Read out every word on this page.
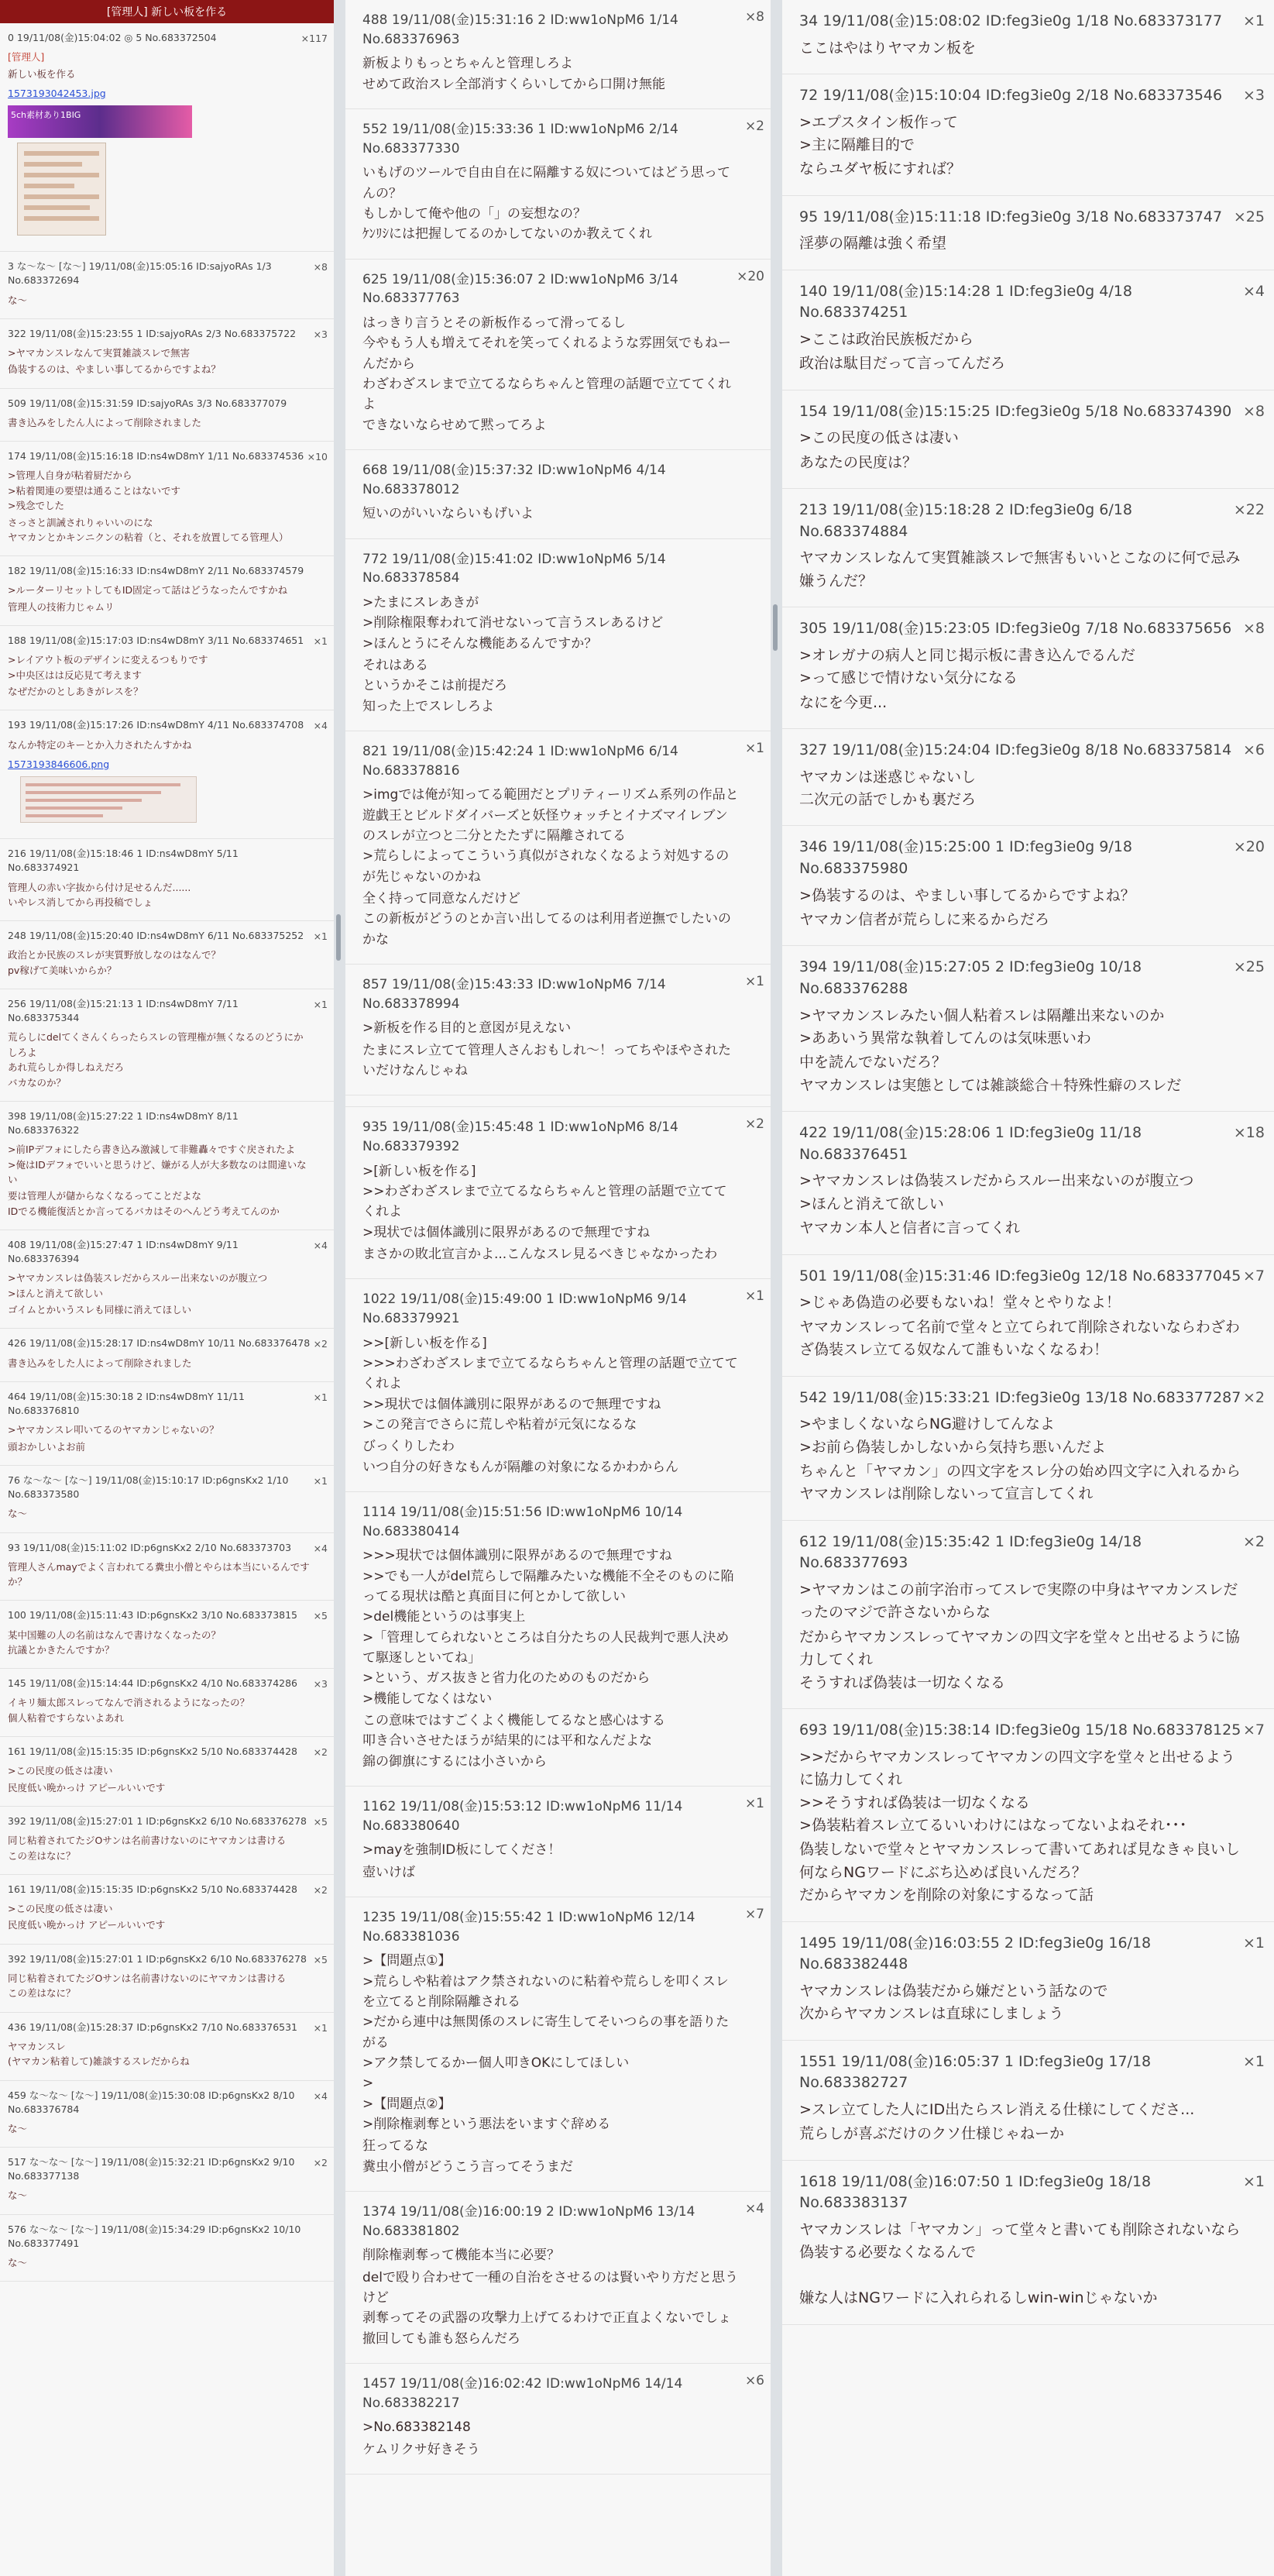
[管理人] 新しい板を作る
0 19/11/08(金)15:04:02 ◎ 5 No.683372504	×117
[管理人]
新しい板を作る
1573193042453.jpg
5ch素材あり1BIG
3 な〜な〜 [な〜] 19/11/08(金)15:05:16 ID:sajyoRAs 1/3 No.683372694
×8
な〜
322 19/11/08(金)15:23:55 1 ID:sajyoRAs 2/3 No.683375722	×3
>ヤマカンスレなんて実質雑談スレで無害
偽装するのは、やましい事してるからですよね？
509 19/11/08(金)15:31:59 ID:sajyoRAs 3/3 No.683377079
書き込みをしたん人によって削除されました
174 19/11/08(金)15:16:18 ID:ns4wD8mY 1/11 No.683374536 ×10
>管理人自身が粘着厨だから
>粘着関連の要望は通ることはないです
>残念でした
さっさと訓誡されりゃいいのにな
ヤマカンとかキンニクンの粘着（と、それを放置してる管理人）
182 19/11/08(金)15:16:33 ID:ns4wD8mY 2/11 No.683374579
>ルーターリセットしてもID固定って話はどうなったんですかね
管理人の技術力じゃムリ
188 19/11/08(金)15:17:03 ID:ns4wD8mY 3/11 No.683374651 ×1
>レイアウト板のデザインに変えるつもりです
>中央区はは反応見て考えます
なぜだかのとしあきがレスを？
193 19/11/08(金)15:17:26 ID:ns4wD8mY 4/11 No.683374708 ×4
なんか特定のキーとか入力されたんすかね
1573193846606.png
216 19/11/08(金)15:18:46 1 ID:ns4wD8mY 5/11 No.683374921
管理人の赤い字抜から付け足せるんだ......
いやレス消してから再投稿でしょ
248 19/11/08(金)15:20:40 ID:ns4wD8mY 6/11 No.683375252 ×1
政治とか民族のスレが実質野放しなのはなんで？
pv稼げて美味いからか？
256 19/11/08(金)15:21:13 1 ID:ns4wD8mY 7/11 No.683375344
×1
荒らしにdelてくさんくらったらスレの管理権が無くなるのどうにかしろよ
あれ荒らしか得しねえだろ
バカなのか？
398 19/11/08(金)15:27:22 1 ID:ns4wD8mY 8/11 No.683376322
>前IPデフォにしたら書き込み激減して非難轟々ですぐ戻されたよ
>俺はIDデフォでいいと思うけど、嫌がる人が大多数なのは間違いない
要は管理人が儲からなくなるってことだよな
IDでる機能復活とか言ってるバカはそのへんどう考えてんのか
408 19/11/08(金)15:27:47 1 ID:ns4wD8mY 9/11 No.683376394
×4
>ヤマカンスレは偽装スレだからスルー出来ないのが腹立つ
>ほんと消えて欲しい
ゴイムとかいうスレも同様に消えてほしい
426 19/11/08(金)15:28:17 ID:ns4wD8mY 10/11 No.683376478 ×2
書き込みをした人によって削除されました
464 19/11/08(金)15:30:18 2 ID:ns4wD8mY 11/11 No.683376810
×1
>ヤマカンスレ叩いてるのヤマカンじゃないの？
頭おかしいよお前
76 な〜な〜 [な〜] 19/11/08(金)15:10:17 ID:p6gnsKx2 1/10 No.683373580
×1
な〜
93 19/11/08(金)15:11:02 ID:p6gnsKx2 2/10 No.683373703	×4
管理人さんmayでよく言われてる糞虫小僧とやらは本当にいるんですか？
100 19/11/08(金)15:11:43 ID:p6gnsKx2 3/10 No.683373815	×5
某中国難の人の名前はなんで書けなくなったの？
抗議とかきたんですか？
145 19/11/08(金)15:14:44 ID:p6gnsKx2 4/10 No.683374286	×3
イキリ麺太郎スレってなんで消されるようになったの？
個人粘着ですらないよあれ
161 19/11/08(金)15:15:35 ID:p6gnsKx2 5/10 No.683374428	×2
>この民度の低さは凄い
民度低い晩かっけ アピールいいです
392 19/11/08(金)15:27:01 1 ID:p6gnsKx2 6/10 No.683376278 ×5
同じ粘着されてたジOサンは名前書けないのにヤマカンは書ける
この差はなに？
161 19/11/08(金)15:15:35 ID:p6gnsKx2 5/10 No.683374428	×2
>この民度の低さは凄い
民度低い晩かっけ アピールいいです
392 19/11/08(金)15:27:01 1 ID:p6gnsKx2 6/10 No.683376278 ×5
同じ粘着されてたジOサンは名前書けないのにヤマカンは書ける
この差はなに？
436 19/11/08(金)15:28:37 ID:p6gnsKx2 7/10 No.683376531	×1
ヤマカンスレ
(ヤマカン粘着して)雑談するスレだからね
459 な〜な〜 [な〜] 19/11/08(金)15:30:08 ID:p6gnsKx2 8/10 No.683376784
×4
な〜
517 な〜な〜 [な〜] 19/11/08(金)15:32:21 ID:p6gnsKx2 9/10 No.683377138
×2
な〜
576 な〜な〜 [な〜] 19/11/08(金)15:34:29 ID:p6gnsKx2 10/10 No.683377491
な〜
488 19/11/08(金)15:31:16 2 ID:ww1oNpM6 1/14 No.683376963
×8
新板よりもっとちゃんと管理しろよ
せめて政治スレ全部消すくらいしてから口開け無能
552 19/11/08(金)15:33:36 1 ID:ww1oNpM6 2/14 No.683377330
×2
いもげのツールで自由自在に隔離する奴についてはどう思ってんの？
もしかして俺や他の「」の妄想なの？
ｹﾝﾘｼには把握してるのかしてないのか教えてくれ
625 19/11/08(金)15:36:07 2 ID:ww1oNpM6 3/14 No.683377763
×20
はっきり言うとその新板作るって滑ってるし
今やもう人も増えてそれを笑ってくれるような雰囲気でもねーんだから
わざわざスレまで立てるならちゃんと管理の話題で立ててくれよ
できないならせめて黙ってろよ
668 19/11/08(金)15:37:32 ID:ww1oNpM6 4/14 No.683378012
短いのがいいならいもげいよ
772 19/11/08(金)15:41:02 ID:ww1oNpM6 5/14 No.683378584
>たまにスレあきが
>削除権限奪われて消せないって言うスレあるけど
>ほんとうにそんな機能あるんですか？
それはある
というかそこは前提だろ
知った上でスレしろよ
821 19/11/08(金)15:42:24 1 ID:ww1oNpM6 6/14 No.683378816
×1
>imgでは俺が知ってる範囲だとプリティーリズム系列の作品と遊戯王とビルドダイバーズと妖怪ウォッチとイナズマイレブンのスレが立つと二分とたたずに隔離されてる
>荒らしによってこういう真似がされなくなるよう対処するのが先じゃないのかね
全く持って同意なんだけど
この新板がどうのとか言い出してるのは利用者逆撫でしたいのかな
857 19/11/08(金)15:43:33 ID:ww1oNpM6 7/14 No.683378994
×1
>新板を作る目的と意図が見えない
たまにスレ立てて管理人さんおもしれ〜！ってちやほやされたいだけなんじゃね
935 19/11/08(金)15:45:48 1 ID:ww1oNpM6 8/14 No.683379392
×2
>[新しい板を作る]
>>わざわざスレまで立てるならちゃんと管理の話題で立ててくれよ
>現状では個体識別に限界があるので無理ですね
まさかの敗北宣言かよ...こんなスレ見るべきじゃなかったわ
1022 19/11/08(金)15:49:00 1 ID:ww1oNpM6 9/14 No.683379921
×1
>>[新しい板を作る]
>>>わざわざスレまで立てるならちゃんと管理の話題で立ててくれよ
>>現状では個体識別に限界があるので無理ですね
>この発言でさらに荒しや粘着が元気になるな
びっくりしたわ
いつ自分の好きなもんが隔離の対象になるかわからん
1114 19/11/08(金)15:51:56 ID:ww1oNpM6 10/14 No.683380414
>>>現状では個体識別に限界があるので無理ですね
>>でも一人がdel荒らしで隔離みたいな機能不全そのものに陥ってる現状は酷と真面目に何とかして欲しい
>del機能というのは事実上
>「管理してられないところは自分たちの人民裁判で悪人決めて駆逐しといてね」
>という、ガス抜きと省力化のためのものだから
>機能してなくはない
この意味ではすごくよく機能してるなと感心はする
叩き合いさせたほうが結果的には平和なんだよな
錦の御旗にするには小さいから
1162 19/11/08(金)15:53:12 ID:ww1oNpM6 11/14 No.683380640
×1
>mayを強制ID板にしてくださ！
壺いけば
1235 19/11/08(金)15:55:42 1 ID:ww1oNpM6 12/14 No.683381036
×7
>【問題点①】
>荒らしや粘着はアク禁されないのに粘着や荒らしを叩くスレを立てると削除隔離される
>だから連中は無関係のスレに寄生してそいつらの事を語りたがる
>アク禁してるかー個人叩きOKにしてほしい
>
>【問題点②】
>削除権剥奪という悪法をいますぐ辞める
狂ってるな
糞虫小僧がどうこう言ってそうまだ
1374 19/11/08(金)16:00:19 2 ID:ww1oNpM6 13/14 No.683381802
×4
削除権剥奪って機能本当に必要？
delで殴り合わせて一種の自治をさせるのは賢いやり方だと思うけど
剥奪ってその武器の攻撃力上げてるわけで正直よくないでしょ
撤回しても誰も怒らんだろ
1457 19/11/08(金)16:02:42 ID:ww1oNpM6 14/14 No.683382217
×6
>No.683382148
ケムリクサ好きそう
34 19/11/08(金)15:08:02 ID:feg3ie0g 1/18 No.683373177	×1
ここはやはりヤマカン板を
72 19/11/08(金)15:10:04 ID:feg3ie0g 2/18 No.683373546	×3
>エプスタイン板作って
>主に隔離目的で
ならユダヤ板にすれば？
95 19/11/08(金)15:11:18 ID:feg3ie0g 3/18 No.683373747 ×25
淫夢の隔離は強く希望
140 19/11/08(金)15:14:28 1 ID:feg3ie0g 4/18 No.683374251
×4
>ここは政治民族板だから
政治は駄目だって言ってんだろ
154 19/11/08(金)15:15:25 ID:feg3ie0g 5/18 No.683374390 ×8
>この民度の低さは凄い
あなたの民度は？
213 19/11/08(金)15:18:28 2 ID:feg3ie0g 6/18 No.683374884
×22
ヤマカンスレなんて実質雑談スレで無害もいいとこなのに何で忌み嫌うんだ？
305 19/11/08(金)15:23:05 ID:feg3ie0g 7/18 No.683375656 ×8
>オレガナの病人と同じ掲示板に書き込んでるんだ
>って感じで情けない気分になる
なにを今更...
327 19/11/08(金)15:24:04 ID:feg3ie0g 8/18 No.683375814 ×6
ヤマカンは迷惑じゃないし
二次元の話でしかも裏だろ
346 19/11/08(金)15:25:00 1 ID:feg3ie0g 9/18 No.683375980
×20
>偽装するのは、やましい事してるからですよね？
ヤマカン信者が荒らしに来るからだろ
394 19/11/08(金)15:27:05 2 ID:feg3ie0g 10/18 No.683376288
×25
>ヤマカンスレみたい個人粘着スレは隔離出来ないのか
>ああいう異常な執着してんのは気味悪いわ
中を読んでないだろ？
ヤマカンスレは実態としては雑談総合＋特殊性癖のスレだ
422 19/11/08(金)15:28:06 1 ID:feg3ie0g 11/18 No.683376451
×18
>ヤマカンスレは偽装スレだからスルー出来ないのが腹立つ
>ほんと消えて欲しい
ヤマカン本人と信者に言ってくれ
501 19/11/08(金)15:31:46 ID:feg3ie0g 12/18 No.683377045 ×7
>じゃあ偽造の必要もないね！堂々とやりなよ！
ヤマカンスレって名前で堂々と立てられて削除されないならわざわざ偽装スレ立てる奴なんて誰もいなくなるわ！
542 19/11/08(金)15:33:21 ID:feg3ie0g 13/18 No.683377287 ×2
>やましくないならNG避けしてんなよ
>お前ら偽装しかしないから気持ち悪いんだよ
ちゃんと「ヤマカン」の四文字をスレ分の始め四文字に入れるから
ヤマカンスレは削除しないって宣言してくれ
612 19/11/08(金)15:35:42 1 ID:feg3ie0g 14/18 No.683377693
×2
>ヤマカンはこの前字治市ってスレで実際の中身はヤマカンスレだったのマジで許さないからな
だからヤマカンスレってヤマカンの四文字を堂々と出せるように協力してくれ
そうすれば偽装は一切なくなる
693 19/11/08(金)15:38:14 ID:feg3ie0g 15/18 No.683378125 ×7
>>だからヤマカンスレってヤマカンの四文字を堂々と出せるように協力してくれ
>>そうすれば偽装は一切なくなる
>偽装粘着スレ立てるいいわけにはなってないよねそれ･･･
偽装しないで堂々とヤマカンスレって書いてあれば見なきゃ良いし
何ならNGワードにぶち込めば良いんだろ？
だからヤマカンを削除の対象にするなって話
1495 19/11/08(金)16:03:55 2 ID:feg3ie0g 16/18 No.683382448
×1
ヤマカンスレは偽装だから嫌だという話なので
次からヤマカンスレは直球にしましょう
1551 19/11/08(金)16:05:37 1 ID:feg3ie0g 17/18 No.683382727
×1
>スレ立てした人にID出たらスレ消える仕様にしてくださ...
荒らしが喜ぶだけのクソ仕様じゃねーか
1618 19/11/08(金)16:07:50 1 ID:feg3ie0g 18/18 No.683383137
×1
ヤマカンスレは「ヤマカン」って堂々と書いても削除されないなら
偽装する必要なくなるんで

嫌な人はNGワードに入れられるしwin-winじゃないか
